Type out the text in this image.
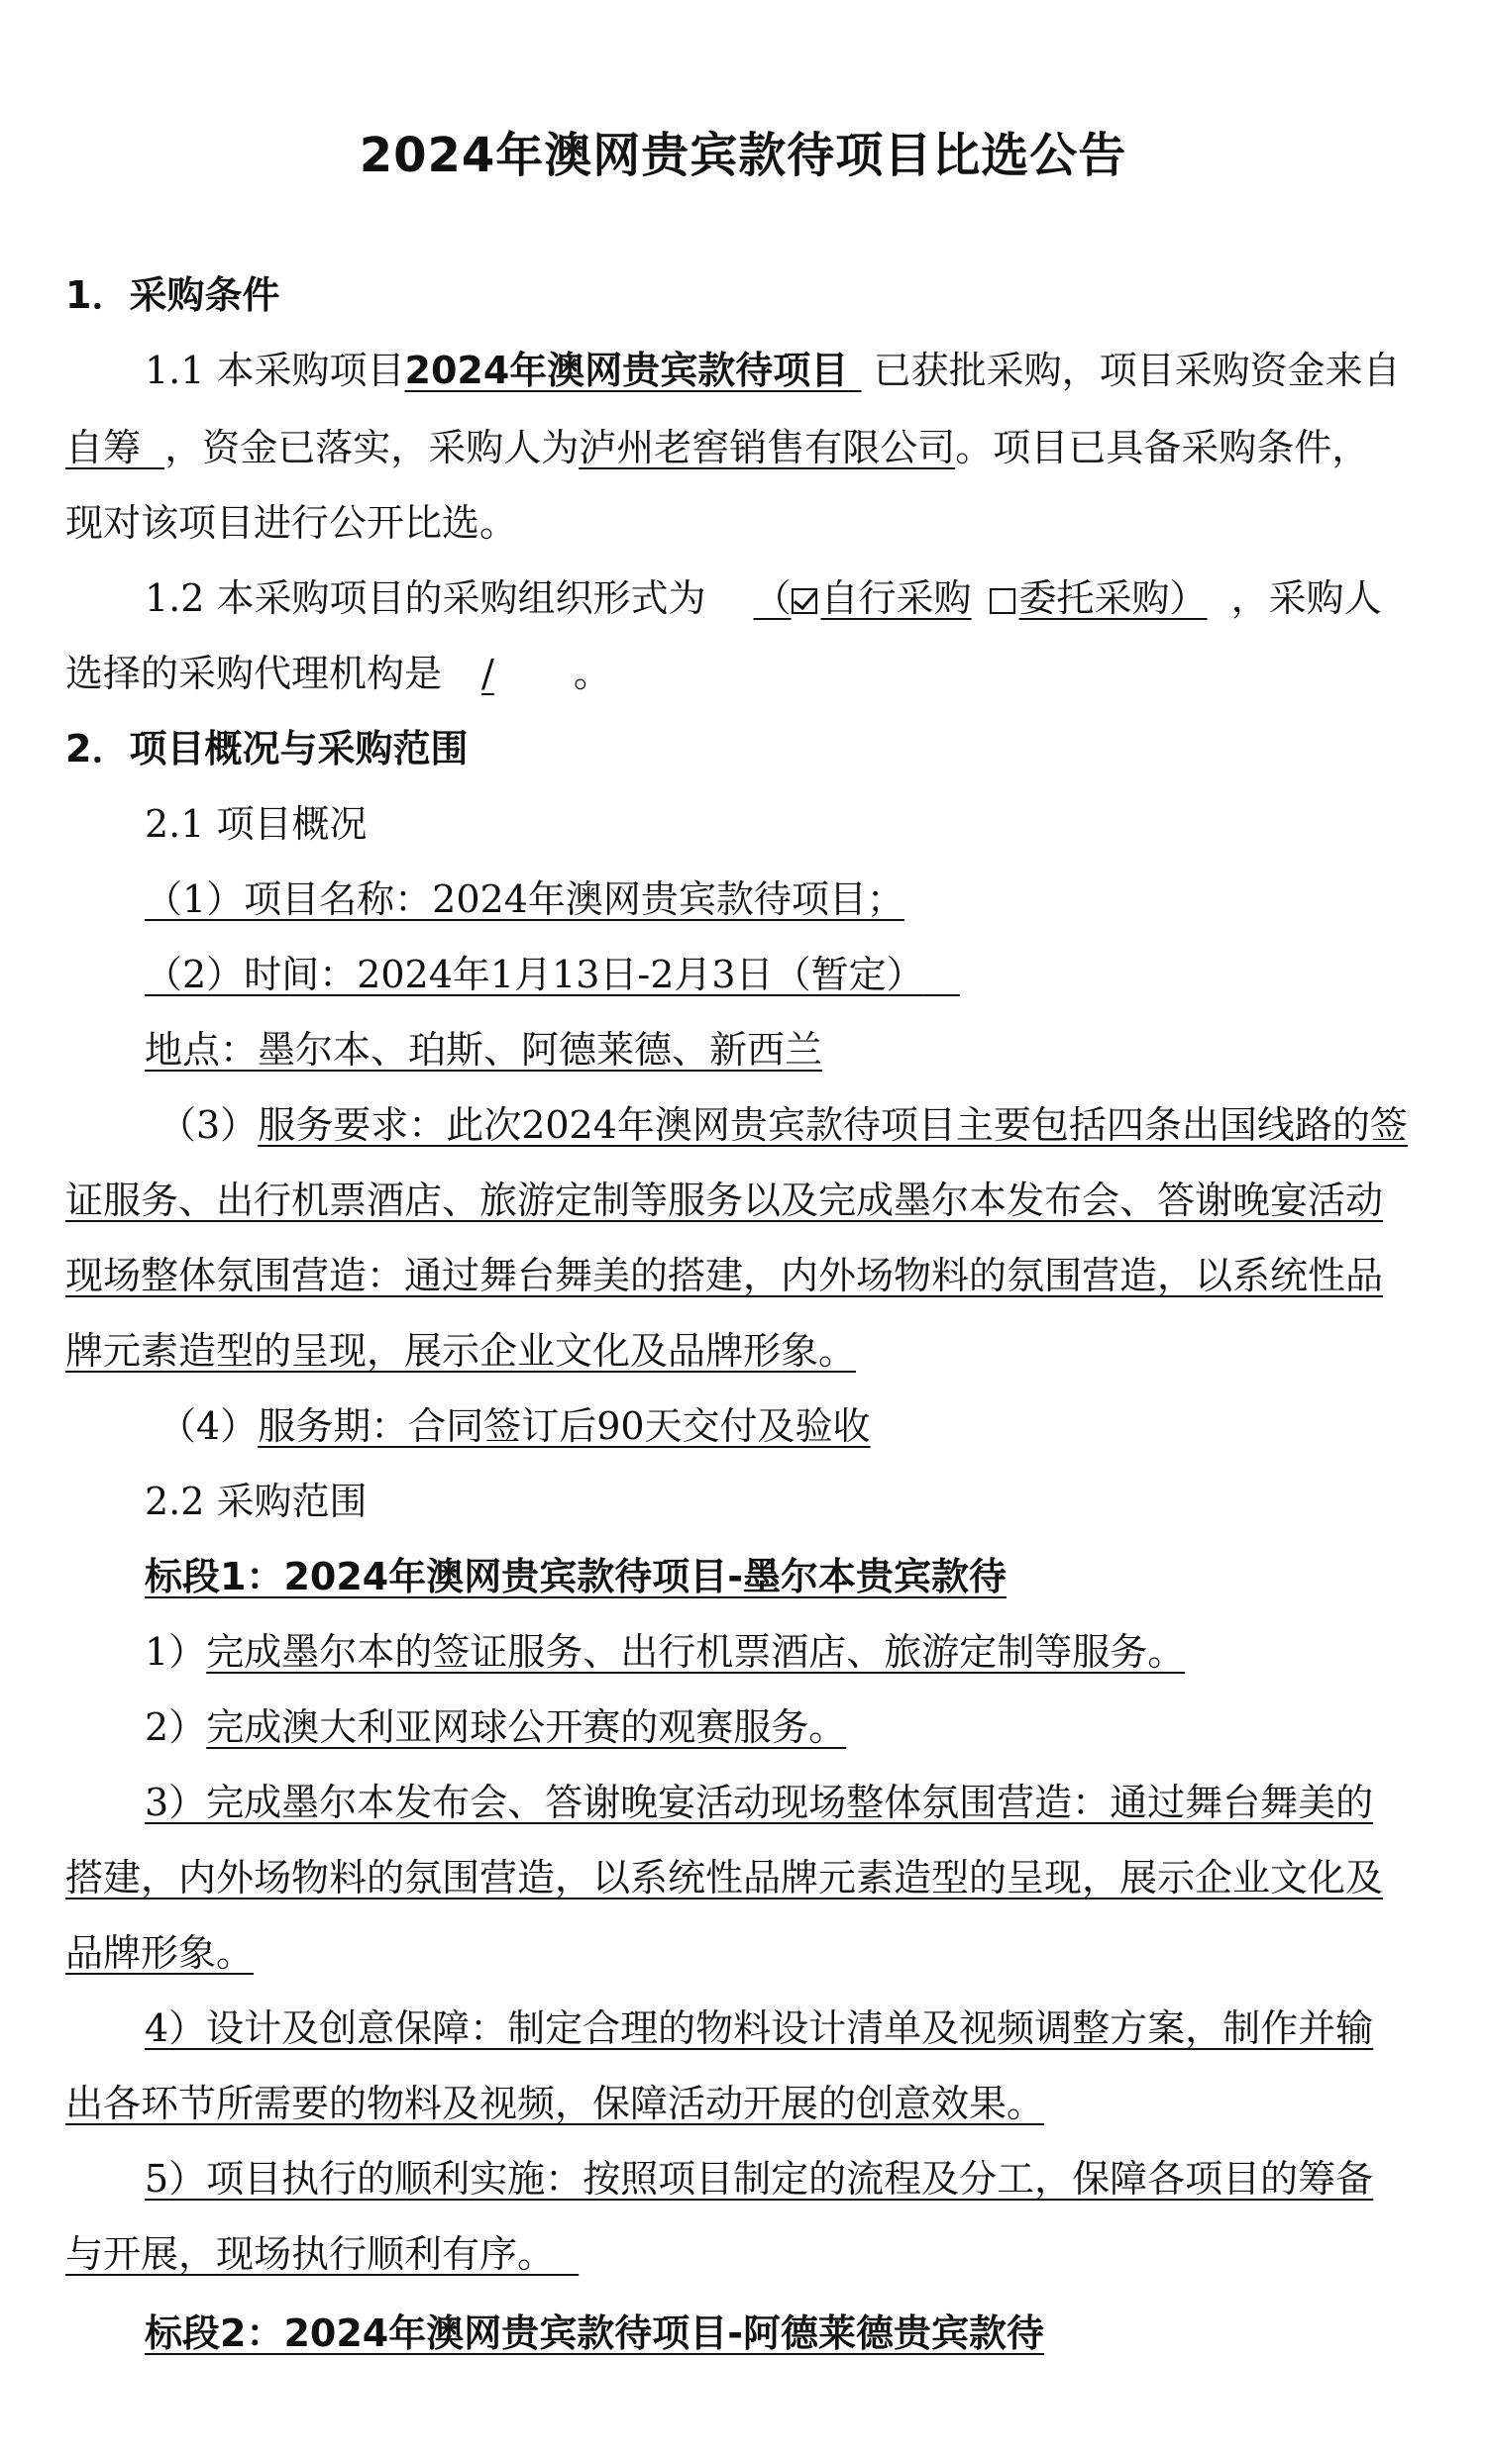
2024年澳网贵宾款待项目比选公告
1．采购条件
1.1 本采购项目2024年澳网贵宾款待项目 已获批采购，项目采购资金来自
自筹 ，资金已落实，采购人为泸州老窖销售有限公司。项目已具备采购条件，
现对该项目进行公开比选。
1.2 本采购项目的采购组织形式为 （ 自行采购 委托采购） ，采购人
选择的采购代理机构是 / 。
2．项目概况与采购范围
2.1 项目概况
（1）项目名称：2024年澳网贵宾款待项目；
（2）时间：2024年1月13日-2月3日（暂定）
地点：墨尔本、珀斯、阿德莱德、新西兰
（3）服务要求：此次2024年澳网贵宾款待项目主要包括四条出国线路的签
证服务、出行机票酒店、旅游定制等服务以及完成墨尔本发布会、答谢晚宴活动
现场整体氛围营造：通过舞台舞美的搭建，内外场物料的氛围营造，以系统性品
牌元素造型的呈现，展示企业文化及品牌形象。
（4）服务期：合同签订后90天交付及验收
2.2 采购范围
标段1：2024年澳网贵宾款待项目-墨尔本贵宾款待
1）完成墨尔本的签证服务、出行机票酒店、旅游定制等服务。
2）完成澳大利亚网球公开赛的观赛服务。
3）完成墨尔本发布会、答谢晚宴活动现场整体氛围营造：通过舞台舞美的
搭建，内外场物料的氛围营造，以系统性品牌元素造型的呈现，展示企业文化及
品牌形象。
4）设计及创意保障：制定合理的物料设计清单及视频调整方案，制作并输
出各环节所需要的物料及视频，保障活动开展的创意效果。
5）项目执行的顺利实施：按照项目制定的流程及分工，保障各项目的筹备
与开展，现场执行顺利有序。
标段2：2024年澳网贵宾款待项目-阿德莱德贵宾款待
